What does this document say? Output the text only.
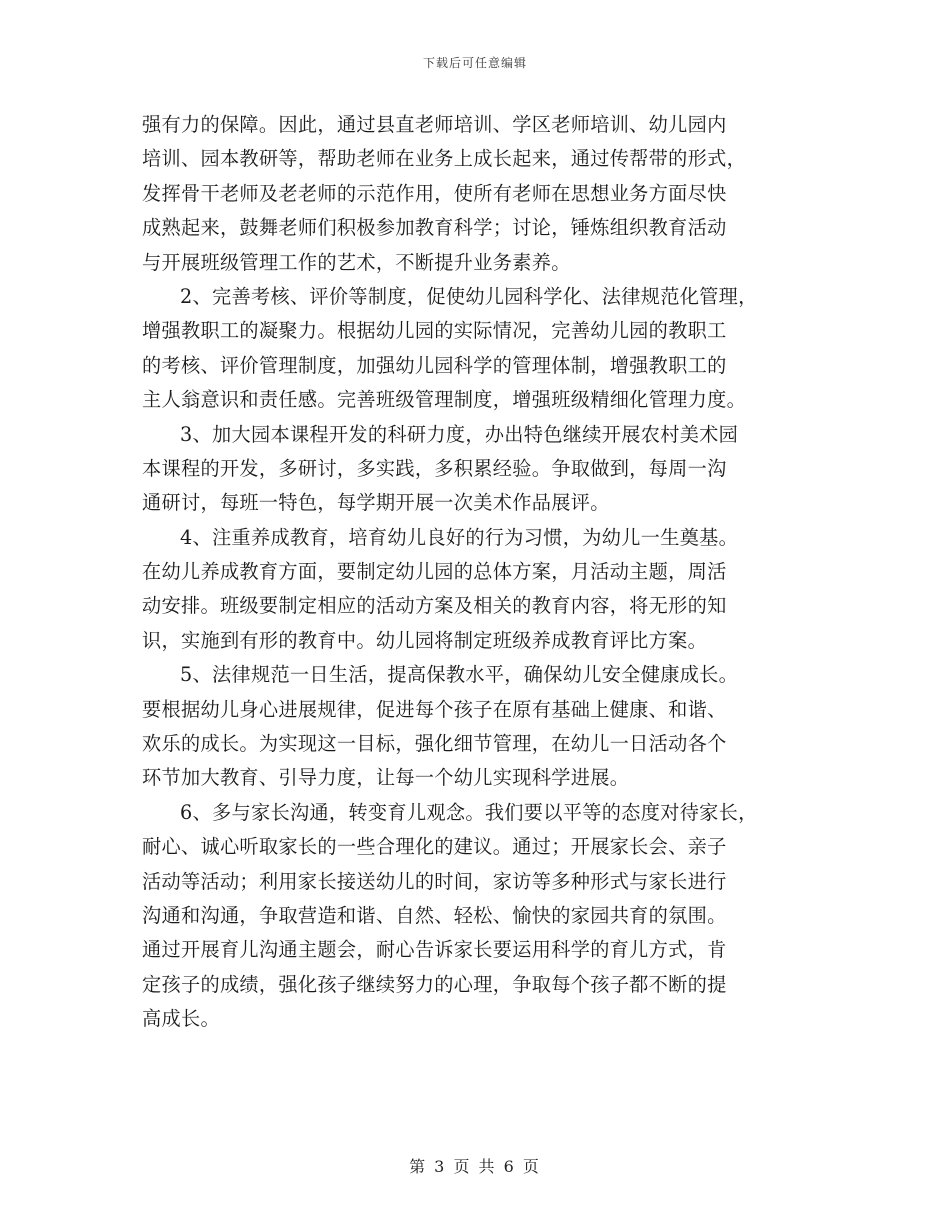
下载后可任意编辑
强有力的保障。因此，通过县直老师培训、学区老师培训、幼儿园内
培训、园本教研等，帮助老师在业务上成长起来，通过传帮带的形式，
发挥骨干老师及老老师的示范作用，使所有老师在思想业务方面尽快
成熟起来，鼓舞老师们积极参加教育科学；讨论，锤炼组织教育活动
与开展班级管理工作的艺术，不断提升业务素养。
2、完善考核、评价等制度，促使幼儿园科学化、法律规范化管理，
增强教职工的凝聚力。根据幼儿园的实际情况，完善幼儿园的教职工
的考核、评价管理制度，加强幼儿园科学的管理体制，增强教职工的
主人翁意识和责任感。完善班级管理制度，增强班级精细化管理力度。
3、加大园本课程开发的科研力度，办出特色继续开展农村美术园
本课程的开发，多研讨，多实践，多积累经验。争取做到，每周一沟
通研讨，每班一特色，每学期开展一次美术作品展评。
4、注重养成教育，培育幼儿良好的行为习惯，为幼儿一生奠基。
在幼儿养成教育方面，要制定幼儿园的总体方案，月活动主题，周活
动安排。班级要制定相应的活动方案及相关的教育内容，将无形的知
识，实施到有形的教育中。幼儿园将制定班级养成教育评比方案。
5、法律规范一日生活，提高保教水平，确保幼儿安全健康成长。
要根据幼儿身心进展规律，促进每个孩子在原有基础上健康、和谐、
欢乐的成长。为实现这一目标，强化细节管理，在幼儿一日活动各个
环节加大教育、引导力度，让每一个幼儿实现科学进展。
6、多与家长沟通，转变育儿观念。我们要以平等的态度对待家长，
耐心、诚心听取家长的一些合理化的建议。通过；开展家长会、亲子
活动等活动；利用家长接送幼儿的时间，家访等多种形式与家长进行
沟通和沟通，争取营造和谐、自然、轻松、愉快的家园共育的氛围。
通过开展育儿沟通主题会，耐心告诉家长要运用科学的育儿方式，肯
定孩子的成绩，强化孩子继续努力的心理，争取每个孩子都不断的提
高成长。
第 3 页 共 6 页
